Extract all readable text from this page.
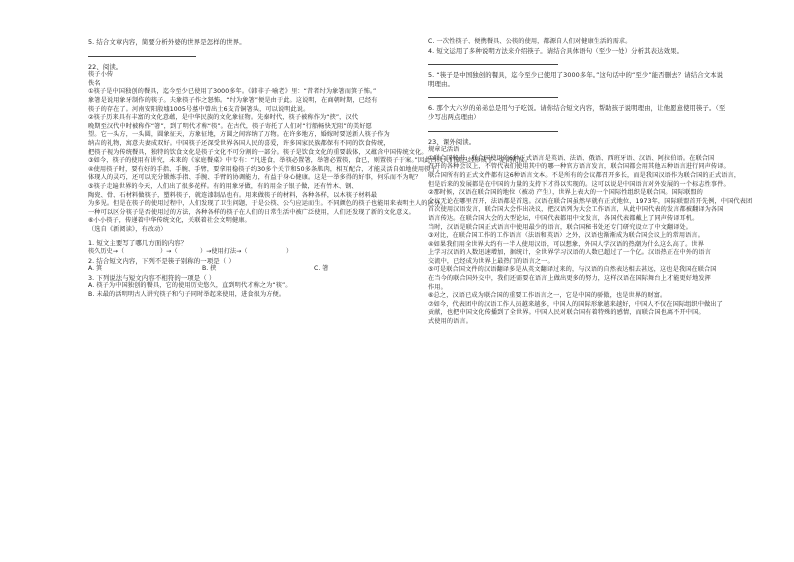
5. 结合文章内容，简要分析外婆的世界是怎样的世界。
22、阅读。
筷子小传
佚名
①筷子是中国独创的餐具，迄今至少已使用了3000多年。《韩非子·喻老》里：“昔者纣为象箸而箕子怖。”
象箸是说用象牙制作的筷子。夫象筷子作之怒怖。“纣为象箸”便是由于此。这说明，在商朝时期，已经有
筷子的存在了。河南安阳殷墟1005号墓中曾出土6支青铜箸头，可以说明此说。
②筷子历来具有丰富的文化意蕴，是中华民族的文化象征物。先秦时代，筷子被称作为“挟”，汉代
晚期至汉代中时被称作“箸”，到了明代才称“筷”。在古代，筷子寄托了人们对“行船畅快无阻”的美好愿
望。它一头方，一头圆，圆象征天，方象征地，方圆之间容纳了万物。在许多地方，婚嫁时要送新人筷子作为
纳吉的礼物，寓意夫妻成双好。中国筷子还深受世界各国人民的喜爱，许多国家民族都保有不同的饮食传统，
把筷子视为传统餐具，独特的饮食文化是筷子文化不可分割的一部分。筷子是饮食文化的重要载体，又蕴含中国传统文化。
③如今，筷子的使用有讲究，未来的《家庭餐桌》中专有：“凡进食，举筷必置箸，举箸必置筷，食已，则置筷子于案。”因此古代人们就已经形成了一定的礼仪。
④使用筷子时，要有好的手指、手腕、手臂，要拿用稳筷子约30多个关节和50多条肌肉，相互配合，才能灵活自如地使用筷子。
体现人的灵巧，还可以充分锻炼手指、手腕、手臂的协调能力，有益于身心健康。这是一举多得的好事，何乐而不为呢？
⑤筷子走遍世界的今天，人们出了很多花样。有的用象牙做，有的用金子银子做，还有竹木、钢、
陶瓷、骨、石材料做筷子，塑料筷子，就连漆制品也有。用来做筷子的材料，各种各样，以木筷子材料最
为多见。但是在筷子的使用过程中，人们发现了卫生问题，于是公筷、公勺应运而生。不同颜色的筷子也能用来表明主人的区分。
一种可以区分筷子是否使用过的方法，各种各样的筷子在人们的日常生活中被广泛使用，人们还发现了新的文化意义。
⑥小小筷子，传递着中华传统文化，关联着社会文明健康。
（选自《新阅读》，有改动）
1. 短文主要写了哪几方面的内容？
筷久历史→（	）→（	）→使用打法→（	）
2. 结合短文内容，下列不是筷子别称的一项是（ ）
A. 箕	B. 挟	C. 箸
3. 下列说法与短文内容不相符的一项是（ ）
A. 筷子为中国独创的餐具，它的使用历史悠久，直到明代才称之为“筷”。
B. 未最的活明明古人讲究筷子和勺子同时举起来使用，进食很为方便。
C. 一次性筷子、便携餐具、公筷的使用，都源自人们对健康生活的需求。
4. 短文运用了多种说明方法来介绍筷子。请结合具体语句（至少一处）分析其表达效果。
5. “筷子是中国独创的餐具，迄今至少已使用了3000多年。”这句话中的“至少”能否删去？请结合文本说
明理由。
6. 那个大六岁的弟弟总是用勺子吃饭。请你结合短文内容，帮助孩子说明理由，让他愿意使用筷子。（至
少写出两点理由）
23、课外阅读。
规章记活语
①联合国秘书，联合国使用的6种正式语言是英语、法语、俄语、西班牙语、汉语、阿拉伯语。在联合国
召开的各种会议上，不管代表们使用其中的哪一种官方语言发言，联合国都会用其他五种语言进行同声传译。
联合国所有的正式文件都有这6种语言文本。不是所有的会议都召开多长，而是我国汉语作为联合国的正式语言，
但是后来的发展都是在中国的力量的支持下才得以实现的。这可以说是中国语言对外发展的一个标志性事件。
②那时候，汉语在联合国的地位（被动 产生），世界上表大的一个国际性组织是联合国。国际联盟的
会议无论在哪里召开，法语都是首选。汉语在联合国虽然早就有正式地位，1973年，国际联盟首开先例，中国代表团
首次使用汉语发言，联合国大会作出决议，把汉语列为大会工作语言，从此中国代表的发言都被翻译为各国
语言传达。在联合国大会的大型论坛，中国代表都用中文发言，各国代表都戴上了同声传译耳机。
当时，汉语是联合国正式语言中使用最少的语言，联合国秘书处还专门研究设立了中文翻译处。
③对比，在联合国工作的工作语言（法语和英语）之外，汉语也渐渐成为联合国会议上的常用语言。
④如果我们用全世界大约有一半人使用汉语，可以想象，外国人学汉语的热潮为什么这么高了。世界
上学习汉语的人数迅速增加，据统计，全世界学习汉语的人数已超过了一个亿。汉语热正在中外的语言
交流中，已经成为世界上最热门的语言之一。
⑤可是联合国文件的汉语翻译多是从英文翻译过来的，与汉语的自然表达相去甚远，这也是我国在联合国
在当今的联合国外交中，我们还需要在语言上做出更多的努力，这样汉语在国际舞台上才能更好地发挥
作用。
⑥总之，汉语已成为联合国的重要工作语言之一，它是中国的骄傲，也是世界的财富。
⑦如今，代表团中的汉语工作人员越来越多，中国人的国际形象越来越好，中国人不仅在国际组织中做出了
贡献，也把中国文化传播到了全世界。中国人民对联合国有着特殊的感情，而联合国也离不开中国。
式使用的语言。
